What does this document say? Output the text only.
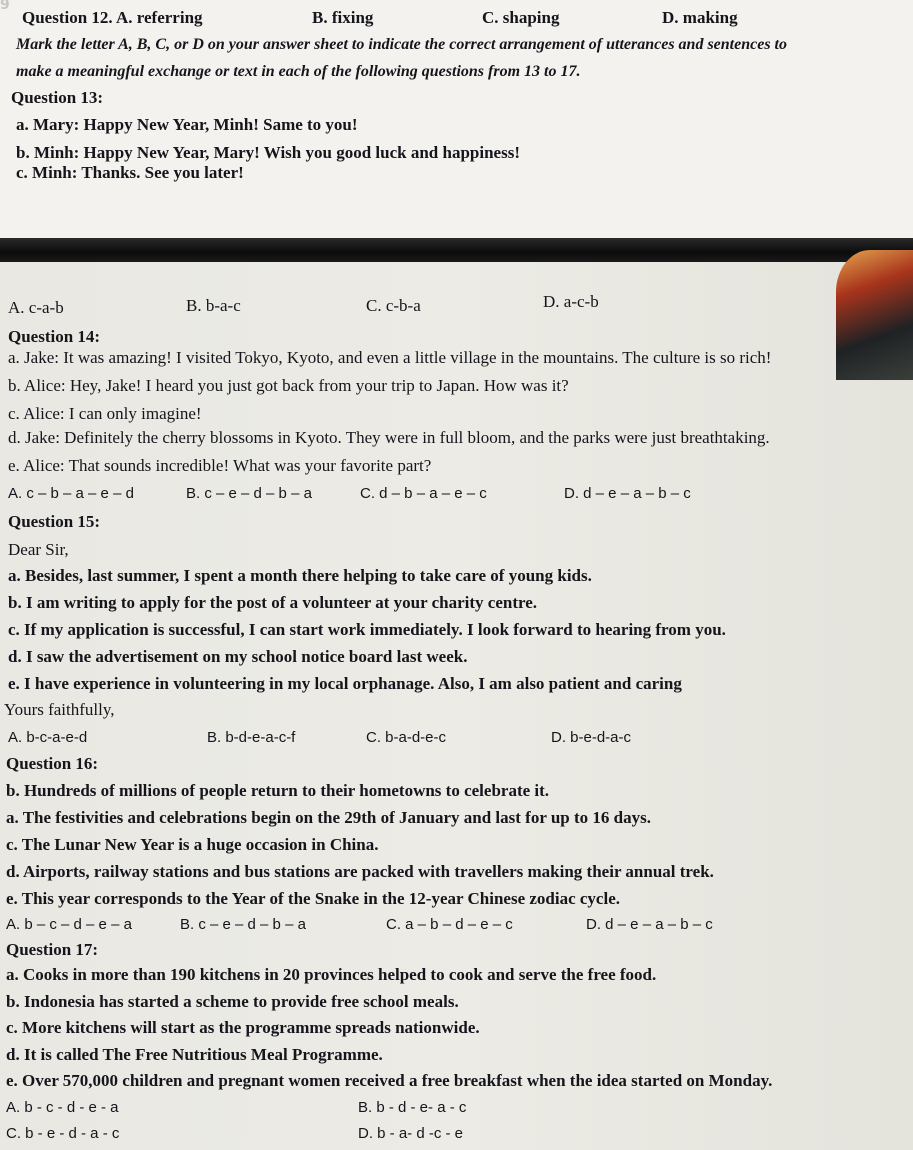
9
Question 12. A. referring	B. fixing	C. shaping	D. making
Mark the letter A, B, C, or D on your answer sheet to indicate the correct arrangement of utterances and sentences to
make a meaningful exchange or text in each of the following questions from 13 to 17.
Question 13:
a. Mary: Happy New Year, Minh! Same to you!
b. Minh: Happy New Year, Mary! Wish you good luck and happiness!
c. Minh: Thanks. See you later!
A. c-a-b	B. b-a-c	C. c-b-a	D. a-c-b
Question 14:
a. Jake: It was amazing! I visited Tokyo, Kyoto, and even a little village in the mountains. The culture is so rich!
b. Alice: Hey, Jake! I heard you just got back from your trip to Japan. How was it?
c. Alice: I can only imagine!
d. Jake: Definitely the cherry blossoms in Kyoto. They were in full bloom, and the parks were just breathtaking.
e. Alice: That sounds incredible! What was your favorite part?
A. c – b – a – e – d	B. c – e – d – b – a	C. d – b – a – e – c	D. d – e – a – b – c
Question 15:
Dear Sir,
a. Besides, last summer, I spent a month there helping to take care of young kids.
b. I am writing to apply for the post of a volunteer at your charity centre.
c. If my application is successful, I can start work immediately. I look forward to hearing from you.
d. I saw the advertisement on my school notice board last week.
e. I have experience in volunteering in my local orphanage. Also, I am also patient and caring
Yours faithfully,
A. b-c-a-e-d	B. b-d-e-a-c-f	C. b-a-d-e-c	D. b-e-d-a-c
Question 16:
b. Hundreds of millions of people return to their hometowns to celebrate it.
a. The festivities and celebrations begin on the 29th of January and last for up to 16 days.
c. The Lunar New Year is a huge occasion in China.
d. Airports, railway stations and bus stations are packed with travellers making their annual trek.
e. This year corresponds to the Year of the Snake in the 12-year Chinese zodiac cycle.
A. b – c – d – e – a	B. c – e – d – b – a	C. a – b – d – e – c	D. d – e – a – b – c
Question 17:
a. Cooks in more than 190 kitchens in 20 provinces helped to cook and serve the free food.
b. Indonesia has started a scheme to provide free school meals.
c. More kitchens will start as the programme spreads nationwide.
d. It is called The Free Nutritious Meal Programme.
e. Over 570,000 children and pregnant women received a free breakfast when the idea started on Monday.
A. b - c - d - e - a	B. b - d - e- a - c
C. b - e - d - a - c	D. b - a- d -c - e
